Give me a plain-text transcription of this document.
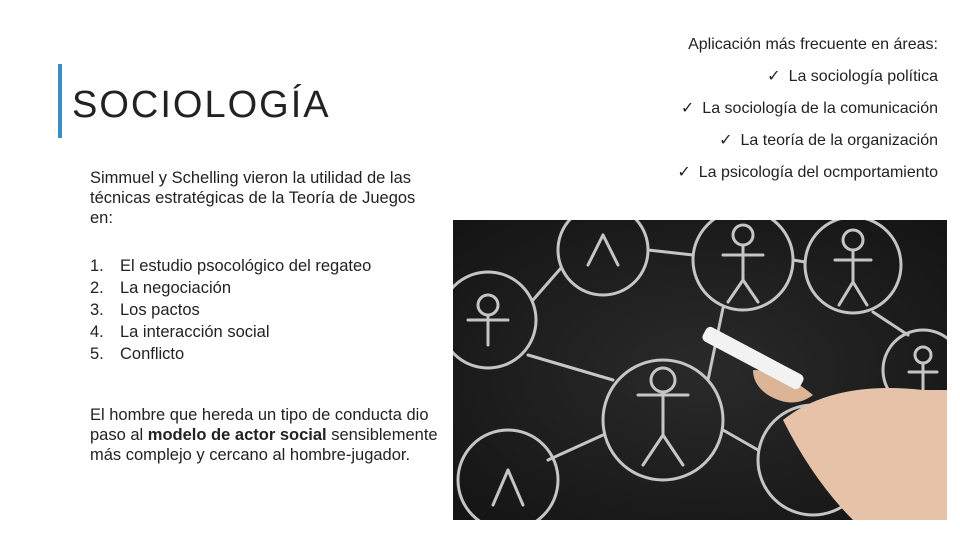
SOCIOLOGÍA
Simmuel y Schelling vieron la utilidad de las técnicas estratégicas de la Teoría de Juegos en:
1. El estudio psocológico del regateo
2. La negociación
3. Los pactos
4. La interacción social
5. Conflicto
El hombre que hereda un tipo de conducta dio paso al modelo de actor social sensiblemente más complejo y cercano al hombre-jugador.
Aplicación más frecuente en áreas:
✓ La sociología política
✓ La sociología de la comunicación
✓ La teoría de la organización
✓ La psicología del ocmportamiento
